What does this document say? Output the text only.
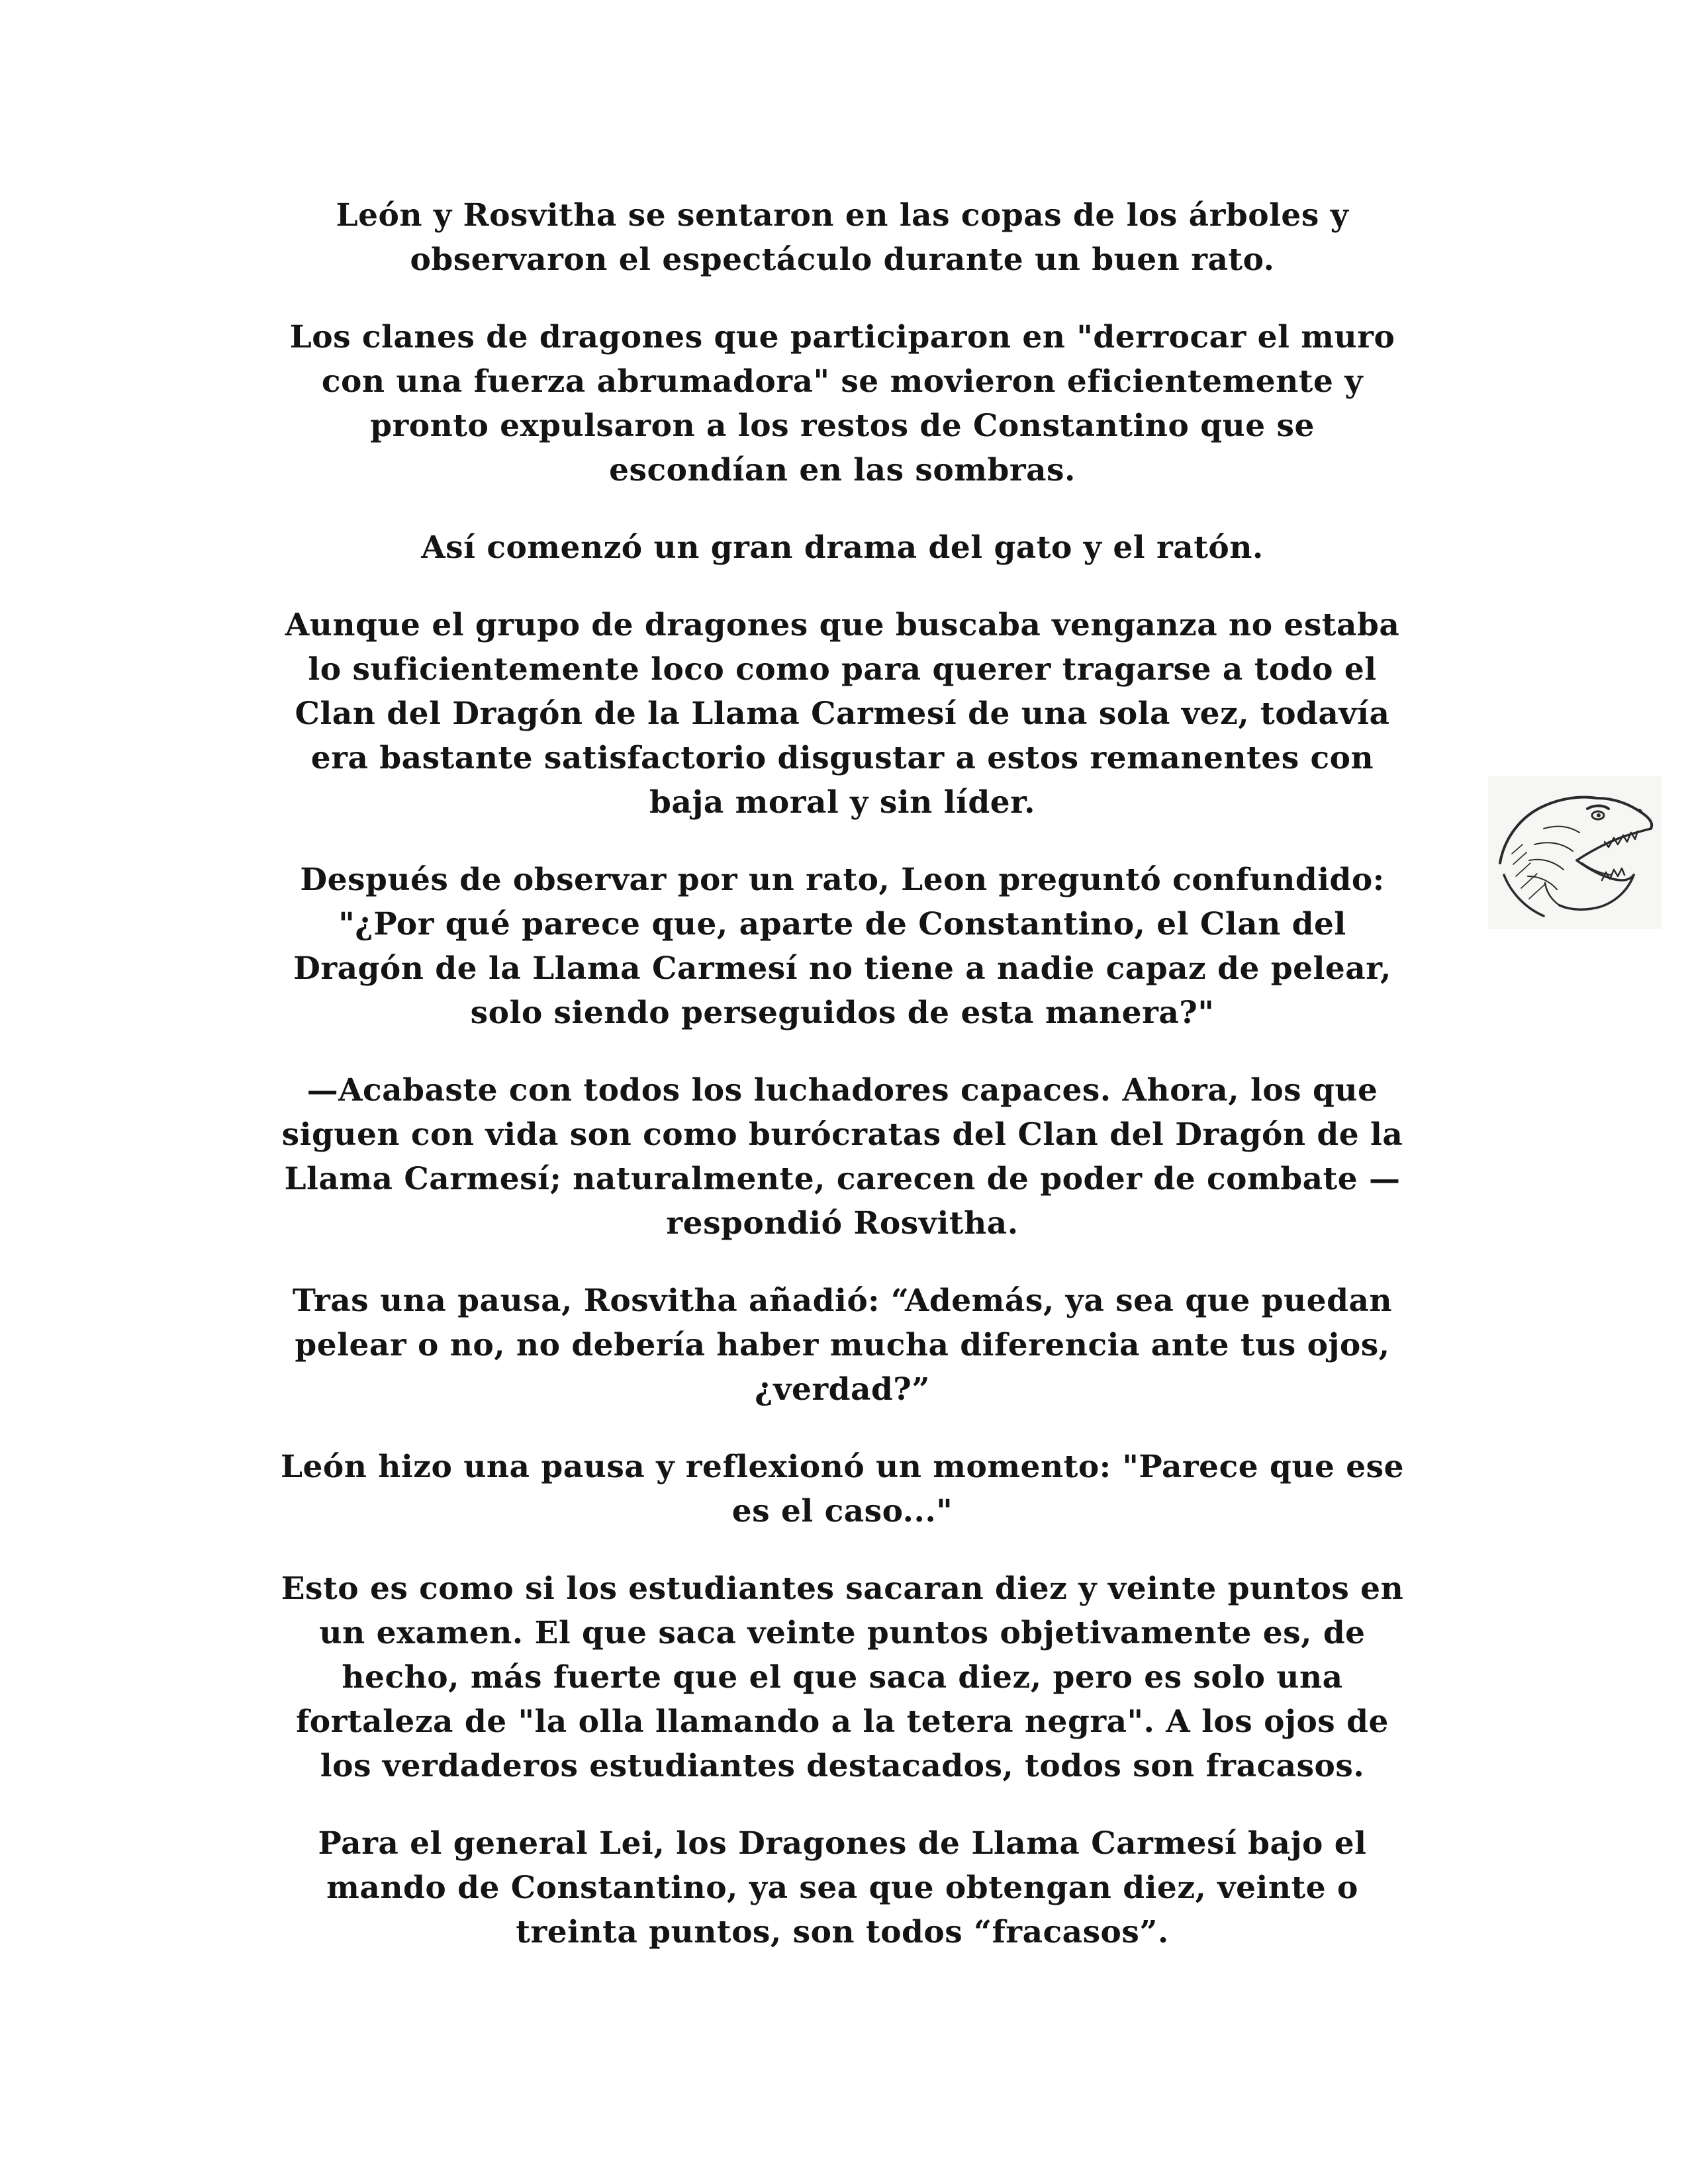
León y Rosvitha se sentaron en las copas de los árboles y
observaron el espectáculo durante un buen rato.

Los clanes de dragones que participaron en "derrocar el muro
con una fuerza abrumadora" se movieron eficientemente y
pronto expulsaron a los restos de Constantino que se
escondían en las sombras.

Así comenzó un gran drama del gato y el ratón.

Aunque el grupo de dragones que buscaba venganza no estaba
lo suficientemente loco como para querer tragarse a todo el
Clan del Dragón de la Llama Carmesí de una sola vez, todavía
era bastante satisfactorio disgustar a estos remanentes con
baja moral y sin líder.

Después de observar por un rato, Leon preguntó confundido:
"¿Por qué parece que, aparte de Constantino, el Clan del
Dragón de la Llama Carmesí no tiene a nadie capaz de pelear,
solo siendo perseguidos de esta manera?"

—Acabaste con todos los luchadores capaces. Ahora, los que
siguen con vida son como burócratas del Clan del Dragón de la
Llama Carmesí; naturalmente, carecen de poder de combate —
respondió Rosvitha.

Tras una pausa, Rosvitha añadió: “Además, ya sea que puedan
pelear o no, no debería haber mucha diferencia ante tus ojos,
¿verdad?”

León hizo una pausa y reflexionó un momento: "Parece que ese
es el caso..."

Esto es como si los estudiantes sacaran diez y veinte puntos en
un examen. El que saca veinte puntos objetivamente es, de
hecho, más fuerte que el que saca diez, pero es solo una
fortaleza de "la olla llamando a la tetera negra". A los ojos de
los verdaderos estudiantes destacados, todos son fracasos.

Para el general Lei, los Dragones de Llama Carmesí bajo el
mando de Constantino, ya sea que obtengan diez, veinte o
treinta puntos, son todos “fracasos”.
